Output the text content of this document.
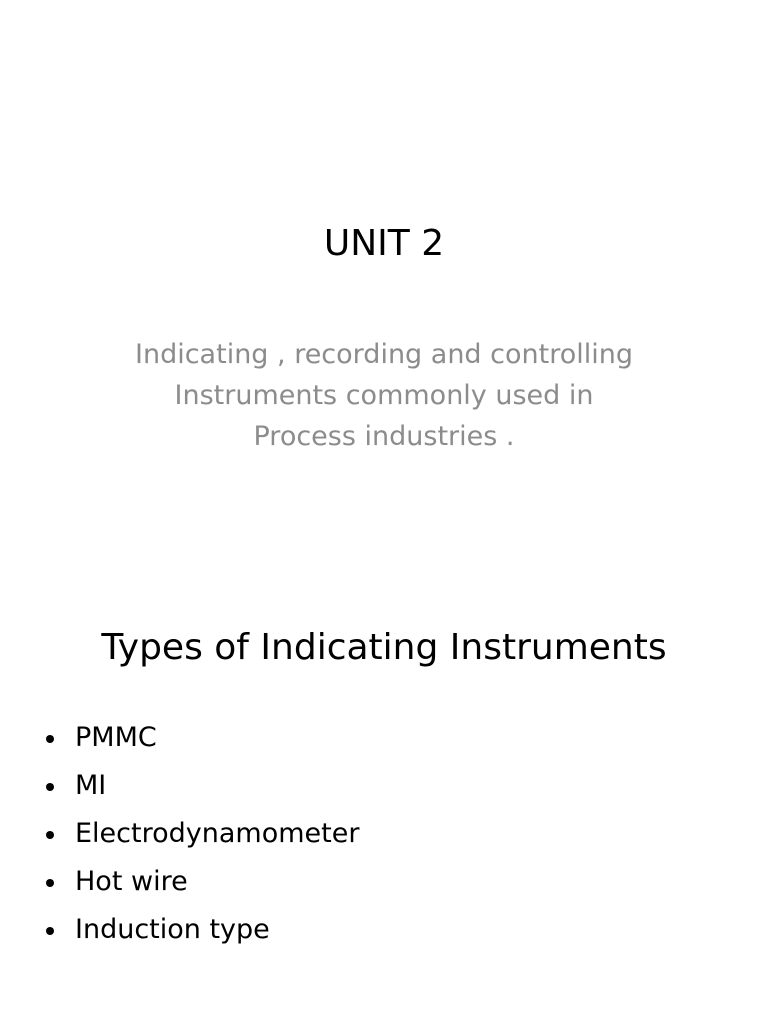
UNIT 2

Indicating , recording and controlling
Instruments commonly used in
Process industries .

Types of Indicating Instruments
PMMC
MI
Electrodynamometer
Hot wire
Induction type
